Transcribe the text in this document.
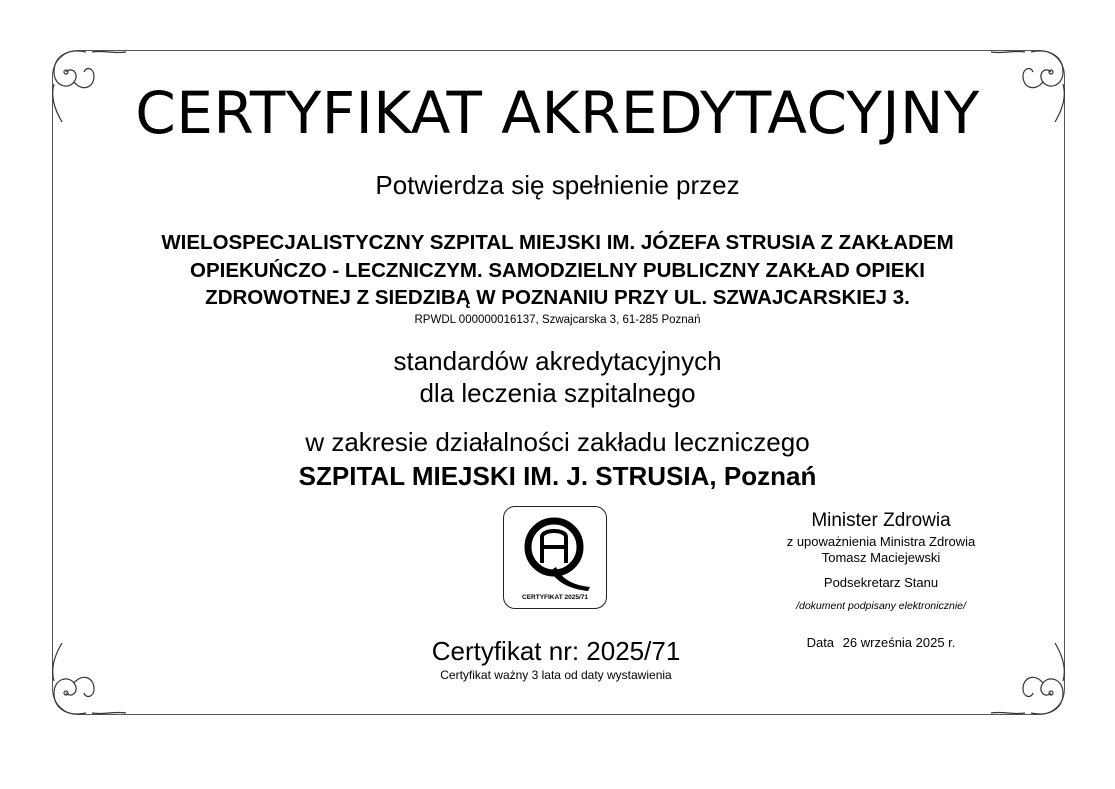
CERTYFIKAT AKREDYTACYJNY
Potwierdza się spełnienie przez
WIELOSPECJALISTYCZNY SZPITAL MIEJSKI IM. JÓZEFA STRUSIA Z ZAKŁADEM
OPIEKUŃCZO - LECZNICZYM. SAMODZIELNY PUBLICZNY ZAKŁAD OPIEKI
ZDROWOTNEJ Z SIEDZIBĄ W POZNANIU PRZY UL. SZWAJCARSKIEJ 3.
RPWDL 000000016137, Szwajcarska 3, 61-285 Poznań
standardów akredytacyjnych
dla leczenia szpitalnego
w zakresie działalności zakładu leczniczego
SZPITAL MIEJSKI IM. J. STRUSIA, Poznań
CERTYFIKAT 2025/71
Certyfikat nr: 2025/71
Certyfikat ważny 3 lata od daty wystawienia
Minister Zdrowia
z upoważnienia Ministra Zdrowia
Tomasz Maciejewski
Podsekretarz Stanu
/dokument podpisany elektronicznie/
Data 26 września 2025 r.
